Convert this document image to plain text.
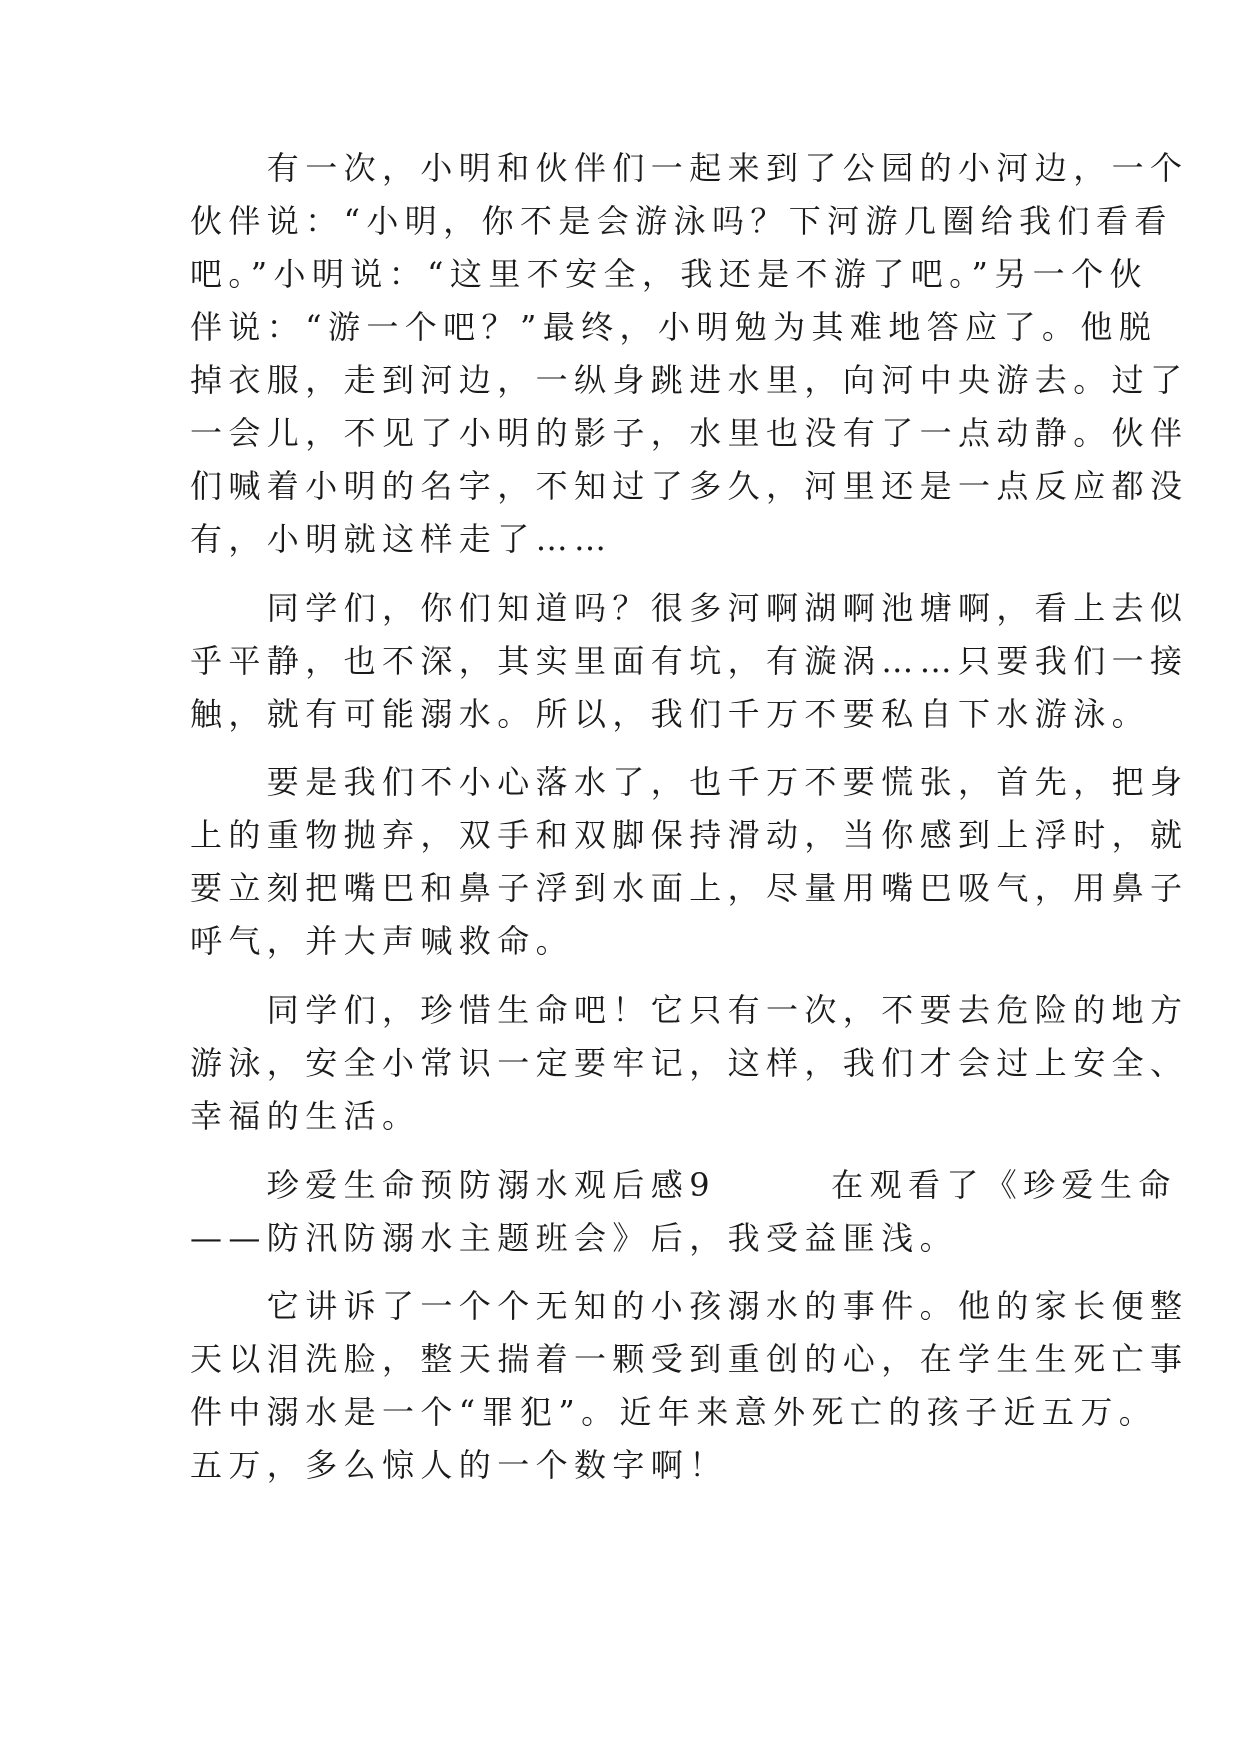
　　有一次，小明和伙伴们一起来到了公园的小河边，一个
伙伴说：“小明，你不是会游泳吗？下河游几圈给我们看看
吧。”小明说：“这里不安全，我还是不游了吧。”另一个伙
伴说：“游一个吧？”最终，小明勉为其难地答应了。他脱
掉衣服，走到河边，一纵身跳进水里，向河中央游去。过了
一会儿，不见了小明的影子，水里也没有了一点动静。伙伴
们喊着小明的名字，不知过了多久，河里还是一点反应都没
有，小明就这样走了……
　　同学们，你们知道吗？很多河啊湖啊池塘啊，看上去似
乎平静，也不深，其实里面有坑，有漩涡……只要我们一接
触，就有可能溺水。所以，我们千万不要私自下水游泳。
　　要是我们不小心落水了，也千万不要慌张，首先，把身
上的重物抛弃，双手和双脚保持滑动，当你感到上浮时，就
要立刻把嘴巴和鼻子浮到水面上，尽量用嘴巴吸气，用鼻子
呼气，并大声喊救命。
　　同学们，珍惜生命吧！它只有一次，不要去危险的地方
游泳，安全小常识一定要牢记，这样，我们才会过上安全、
幸福的生活。
　　珍爱生命预防溺水观后感9　　　在观看了《珍爱生命
——防汛防溺水主题班会》后，我受益匪浅。
　　它讲诉了一个个无知的小孩溺水的事件。他的家长便整
天以泪洗脸，整天揣着一颗受到重创的心，在学生生死亡事
件中溺水是一个“罪犯”。近年来意外死亡的孩子近五万。
五万，多么惊人的一个数字啊！
